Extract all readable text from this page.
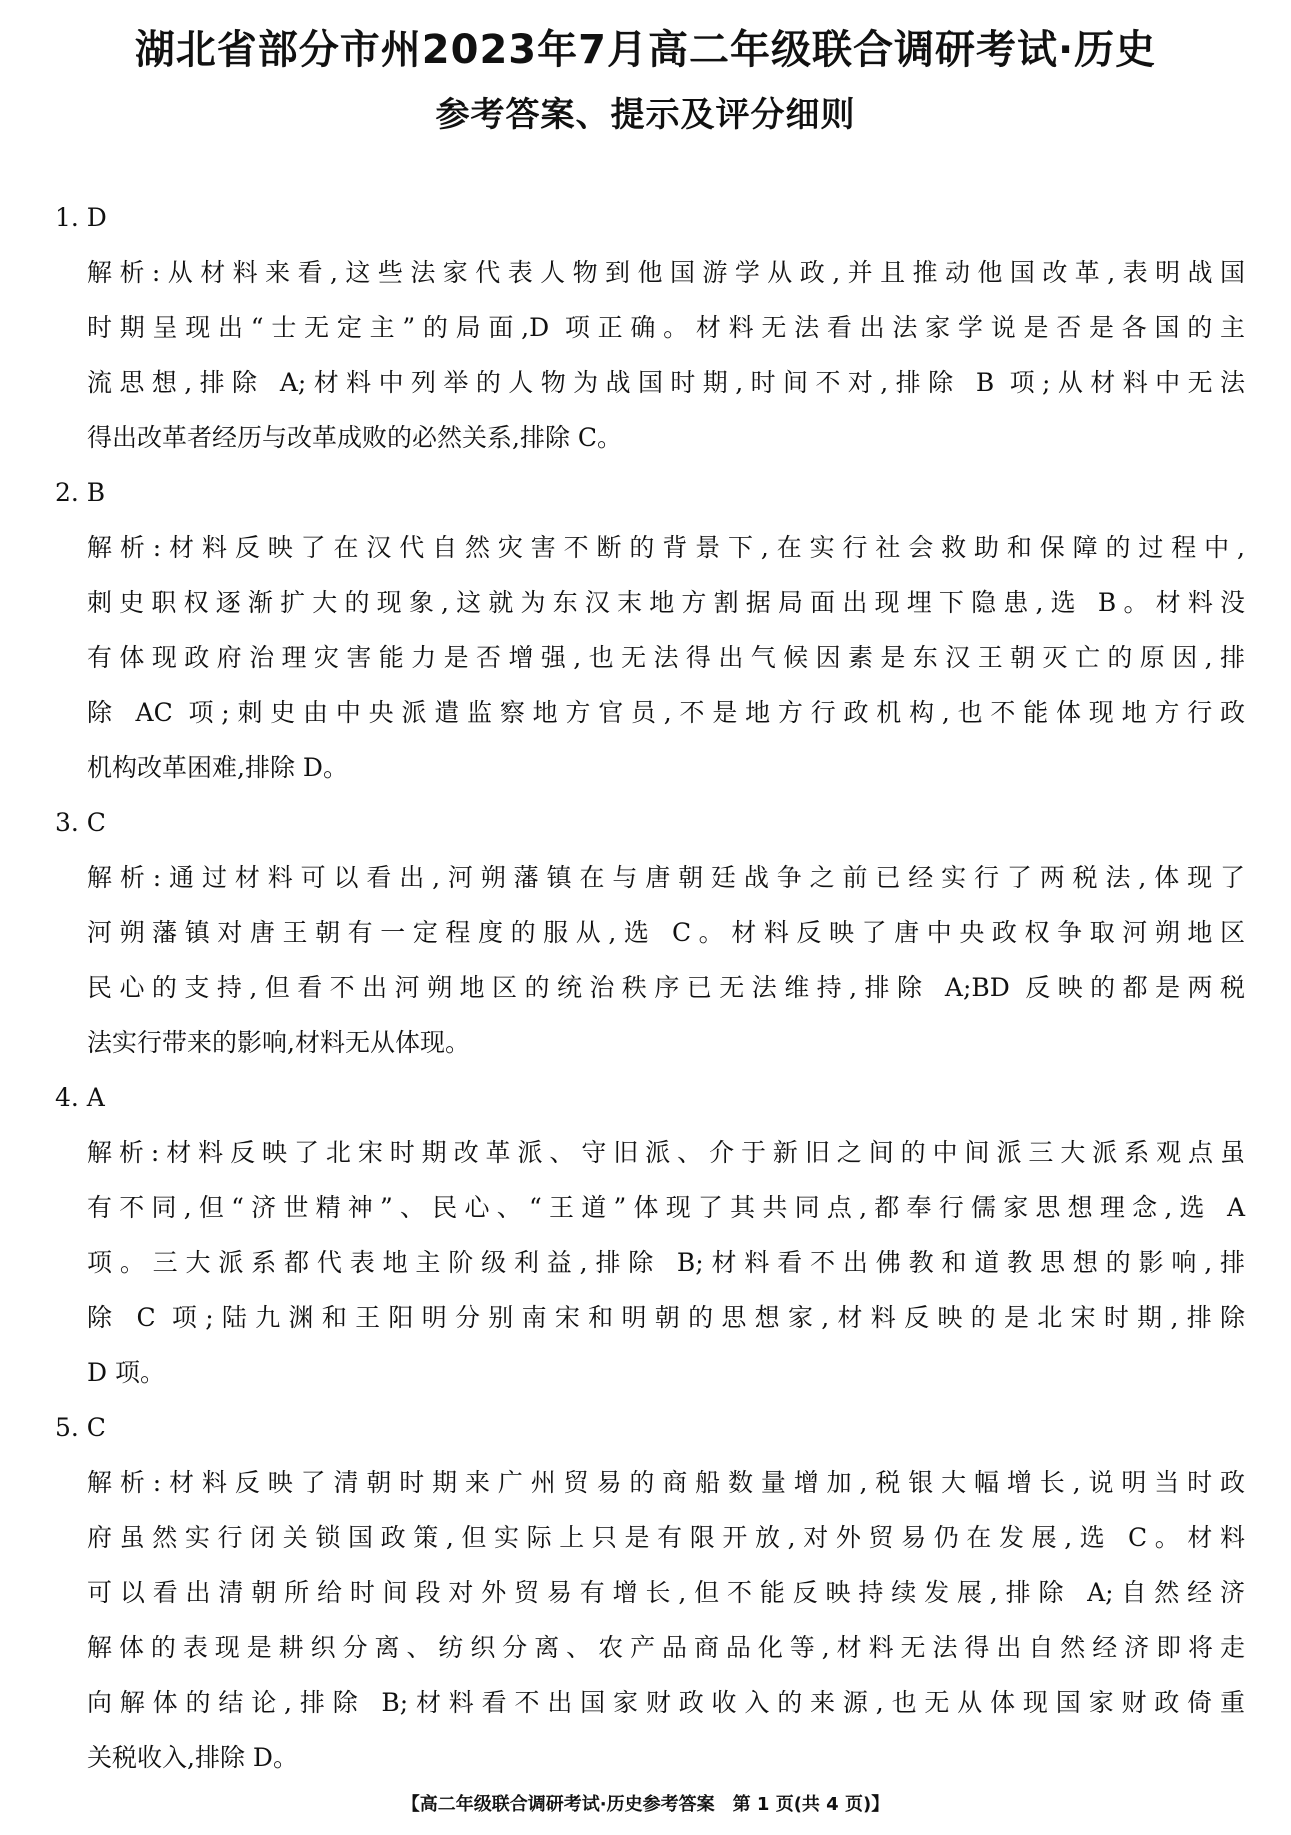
湖北省部分市州2023年7月高二年级联合调研考试·历史
参考答案、提示及评分细则
1. D
解析:从材料来看,这些法家代表人物到他国游学从政,并且推动他国改革,表明战国
时期呈现出“士无定主”的局面,D 项正确。材料无法看出法家学说是否是各国的主
流思想,排除 A;材料中列举的人物为战国时期,时间不对,排除 B 项;从材料中无法
得出改革者经历与改革成败的必然关系,排除 C。
2. B
解析:材料反映了在汉代自然灾害不断的背景下,在实行社会救助和保障的过程中,
刺史职权逐渐扩大的现象,这就为东汉末地方割据局面出现埋下隐患,选 B。材料没
有体现政府治理灾害能力是否增强,也无法得出气候因素是东汉王朝灭亡的原因,排
除 AC 项;刺史由中央派遣监察地方官员,不是地方行政机构,也不能体现地方行政
机构改革困难,排除 D。
3. C
解析:通过材料可以看出,河朔藩镇在与唐朝廷战争之前已经实行了两税法,体现了
河朔藩镇对唐王朝有一定程度的服从,选 C。材料反映了唐中央政权争取河朔地区
民心的支持,但看不出河朔地区的统治秩序已无法维持,排除 A;BD 反映的都是两税
法实行带来的影响,材料无从体现。
4. A
解析:材料反映了北宋时期改革派、守旧派、介于新旧之间的中间派三大派系观点虽
有不同,但“济世精神”、民心、“王道”体现了其共同点,都奉行儒家思想理念,选 A
项。三大派系都代表地主阶级利益,排除 B;材料看不出佛教和道教思想的影响,排
除 C 项;陆九渊和王阳明分别南宋和明朝的思想家,材料反映的是北宋时期,排除
D 项。
5. C
解析:材料反映了清朝时期来广州贸易的商船数量增加,税银大幅增长,说明当时政
府虽然实行闭关锁国政策,但实际上只是有限开放,对外贸易仍在发展,选 C。材料
可以看出清朝所给时间段对外贸易有增长,但不能反映持续发展,排除 A;自然经济
解体的表现是耕织分离、纺织分离、农产品商品化等,材料无法得出自然经济即将走
向解体的结论,排除 B;材料看不出国家财政收入的来源,也无从体现国家财政倚重
关税收入,排除 D。
【高二年级联合调研考试·历史参考答案　第 1 页(共 4 页)】
